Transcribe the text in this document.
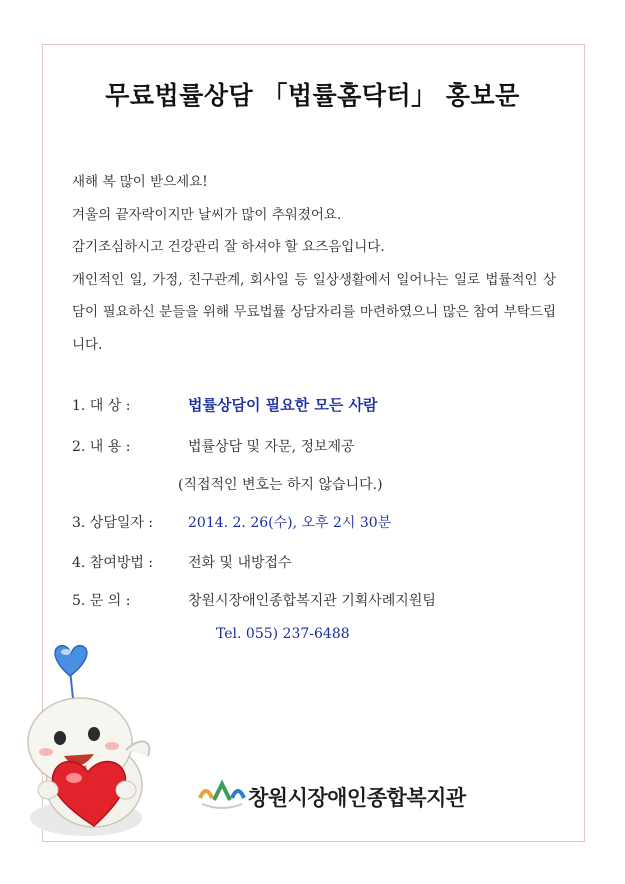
무료법률상담 「법률홈닥터」 홍보문

새해 복 많이 받으세요!

겨울의 끝자락이지만 날씨가 많이 추워졌어요.

감기조심하시고 건강관리 잘 하셔야 할 요즈음입니다.

개인적인 일, 가정, 친구관계, 회사일 등 일상생활에서 일어나는 일로 법률적인 상담이 필요하신 분들을 위해 무료법률 상담자리를 마련하였으니 많은 참여 부탁드립니다.

1. 대 상 :	법률상담이 필요한 모든 사람
2. 내 용 :	법률상담 및 자문, 정보제공
(직접적인 변호는 하지 않습니다.)
3. 상담일자 : 2014. 2. 26(수), 오후 2시 30분
4. 참여방법 : 전화 및 내방접수
5. 문 의 :	창원시장애인종합복지관 기획사례지원팀
Tel. 055) 237-6488
창원시장애인종합복지관
